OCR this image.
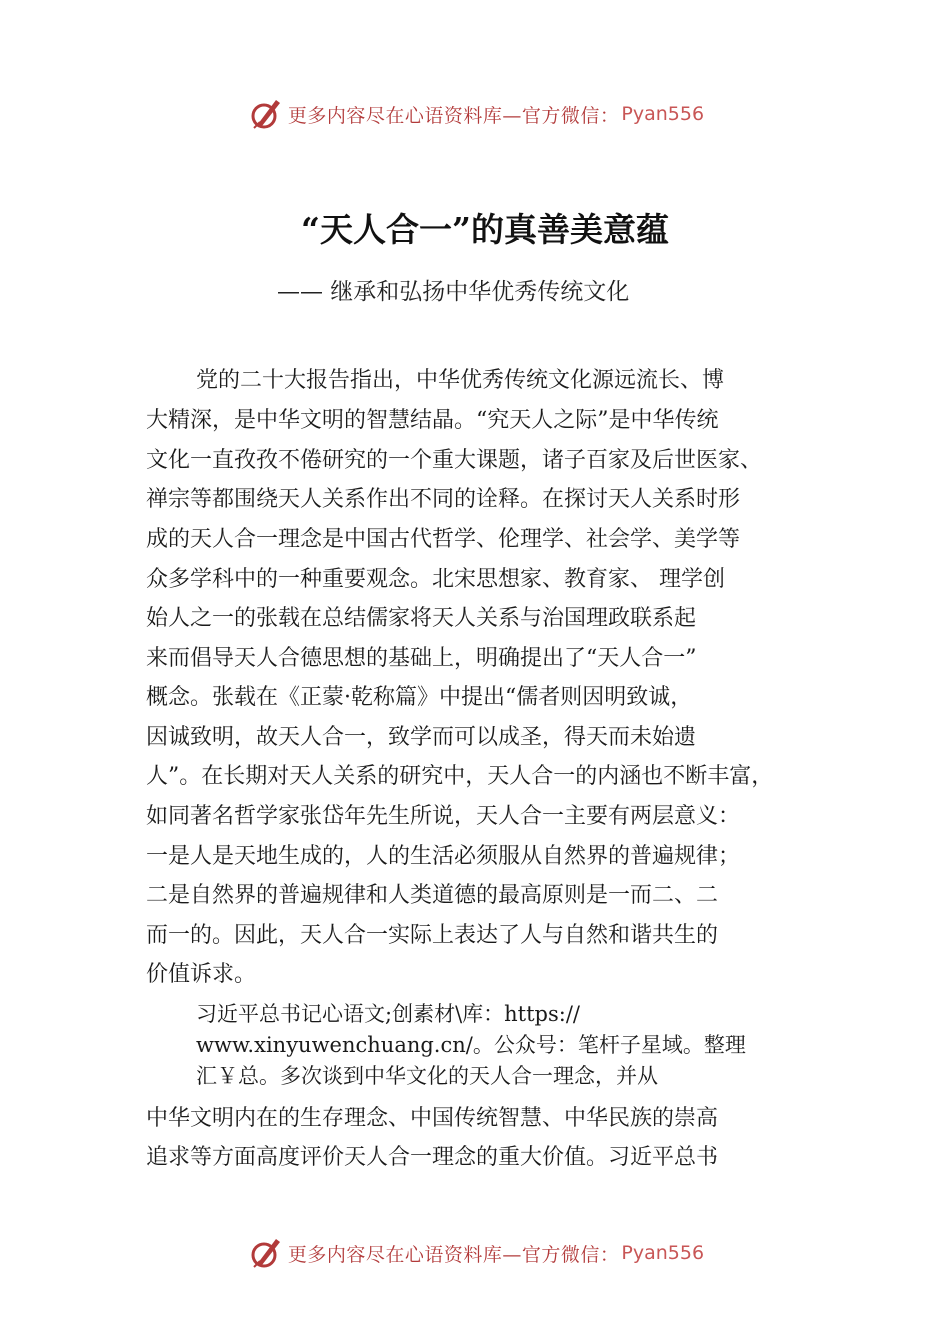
更多内容尽在心语资料库—官方微信： Pyan556
“天人合一”的真善美意蕴
—— 继承和弘扬中华优秀传统文化
党的二十大报告指出，中华优秀传统文化源远流长、博
大精深，是中华文明的智慧结晶。“究天人之际”是中华传统
文化一直孜孜不倦研究的一个重大课题，诸子百家及后世医家、
禅宗等都围绕天人关系作出不同的诠释。在探讨天人关系时形
成的天人合一理念是中国古代哲学、伦理学、社会学、美学等
众多学科中的一种重要观念。北宋思想家、教育家、 理学创
始人之一的张载在总结儒家将天人关系与治国理政联系起
来而倡导天人合德思想的基础上，明确提出了“天人合一”
概念。张载在《正蒙·乾称篇》中提出“儒者则因明致诚，
因诚致明，故天人合一，致学而可以成圣，得天而未始遗
人”。在长期对天人关系的研究中，天人合一的内涵也不断丰富，
如同著名哲学家张岱年先生所说，天人合一主要有两层意义：
一是人是天地生成的，人的生活必须服从自然界的普遍规律；
二是自然界的普遍规律和人类道德的最高原则是一而二、二
而一的。因此，天人合一实际上表达了人与自然和谐共生的
价值诉求。
习近平总书记心语文;创素材\库：https://
www.xinyuwenchuang.cn/。公众号：笔杆子星域。整理
汇￥总。多次谈到中华文化的天人合一理念，并从
中华文明内在的生存理念、中国传统智慧、中华民族的崇高
追求等方面高度评价天人合一理念的重大价值。习近平总书
更多内容尽在心语资料库—官方微信： Pyan556
